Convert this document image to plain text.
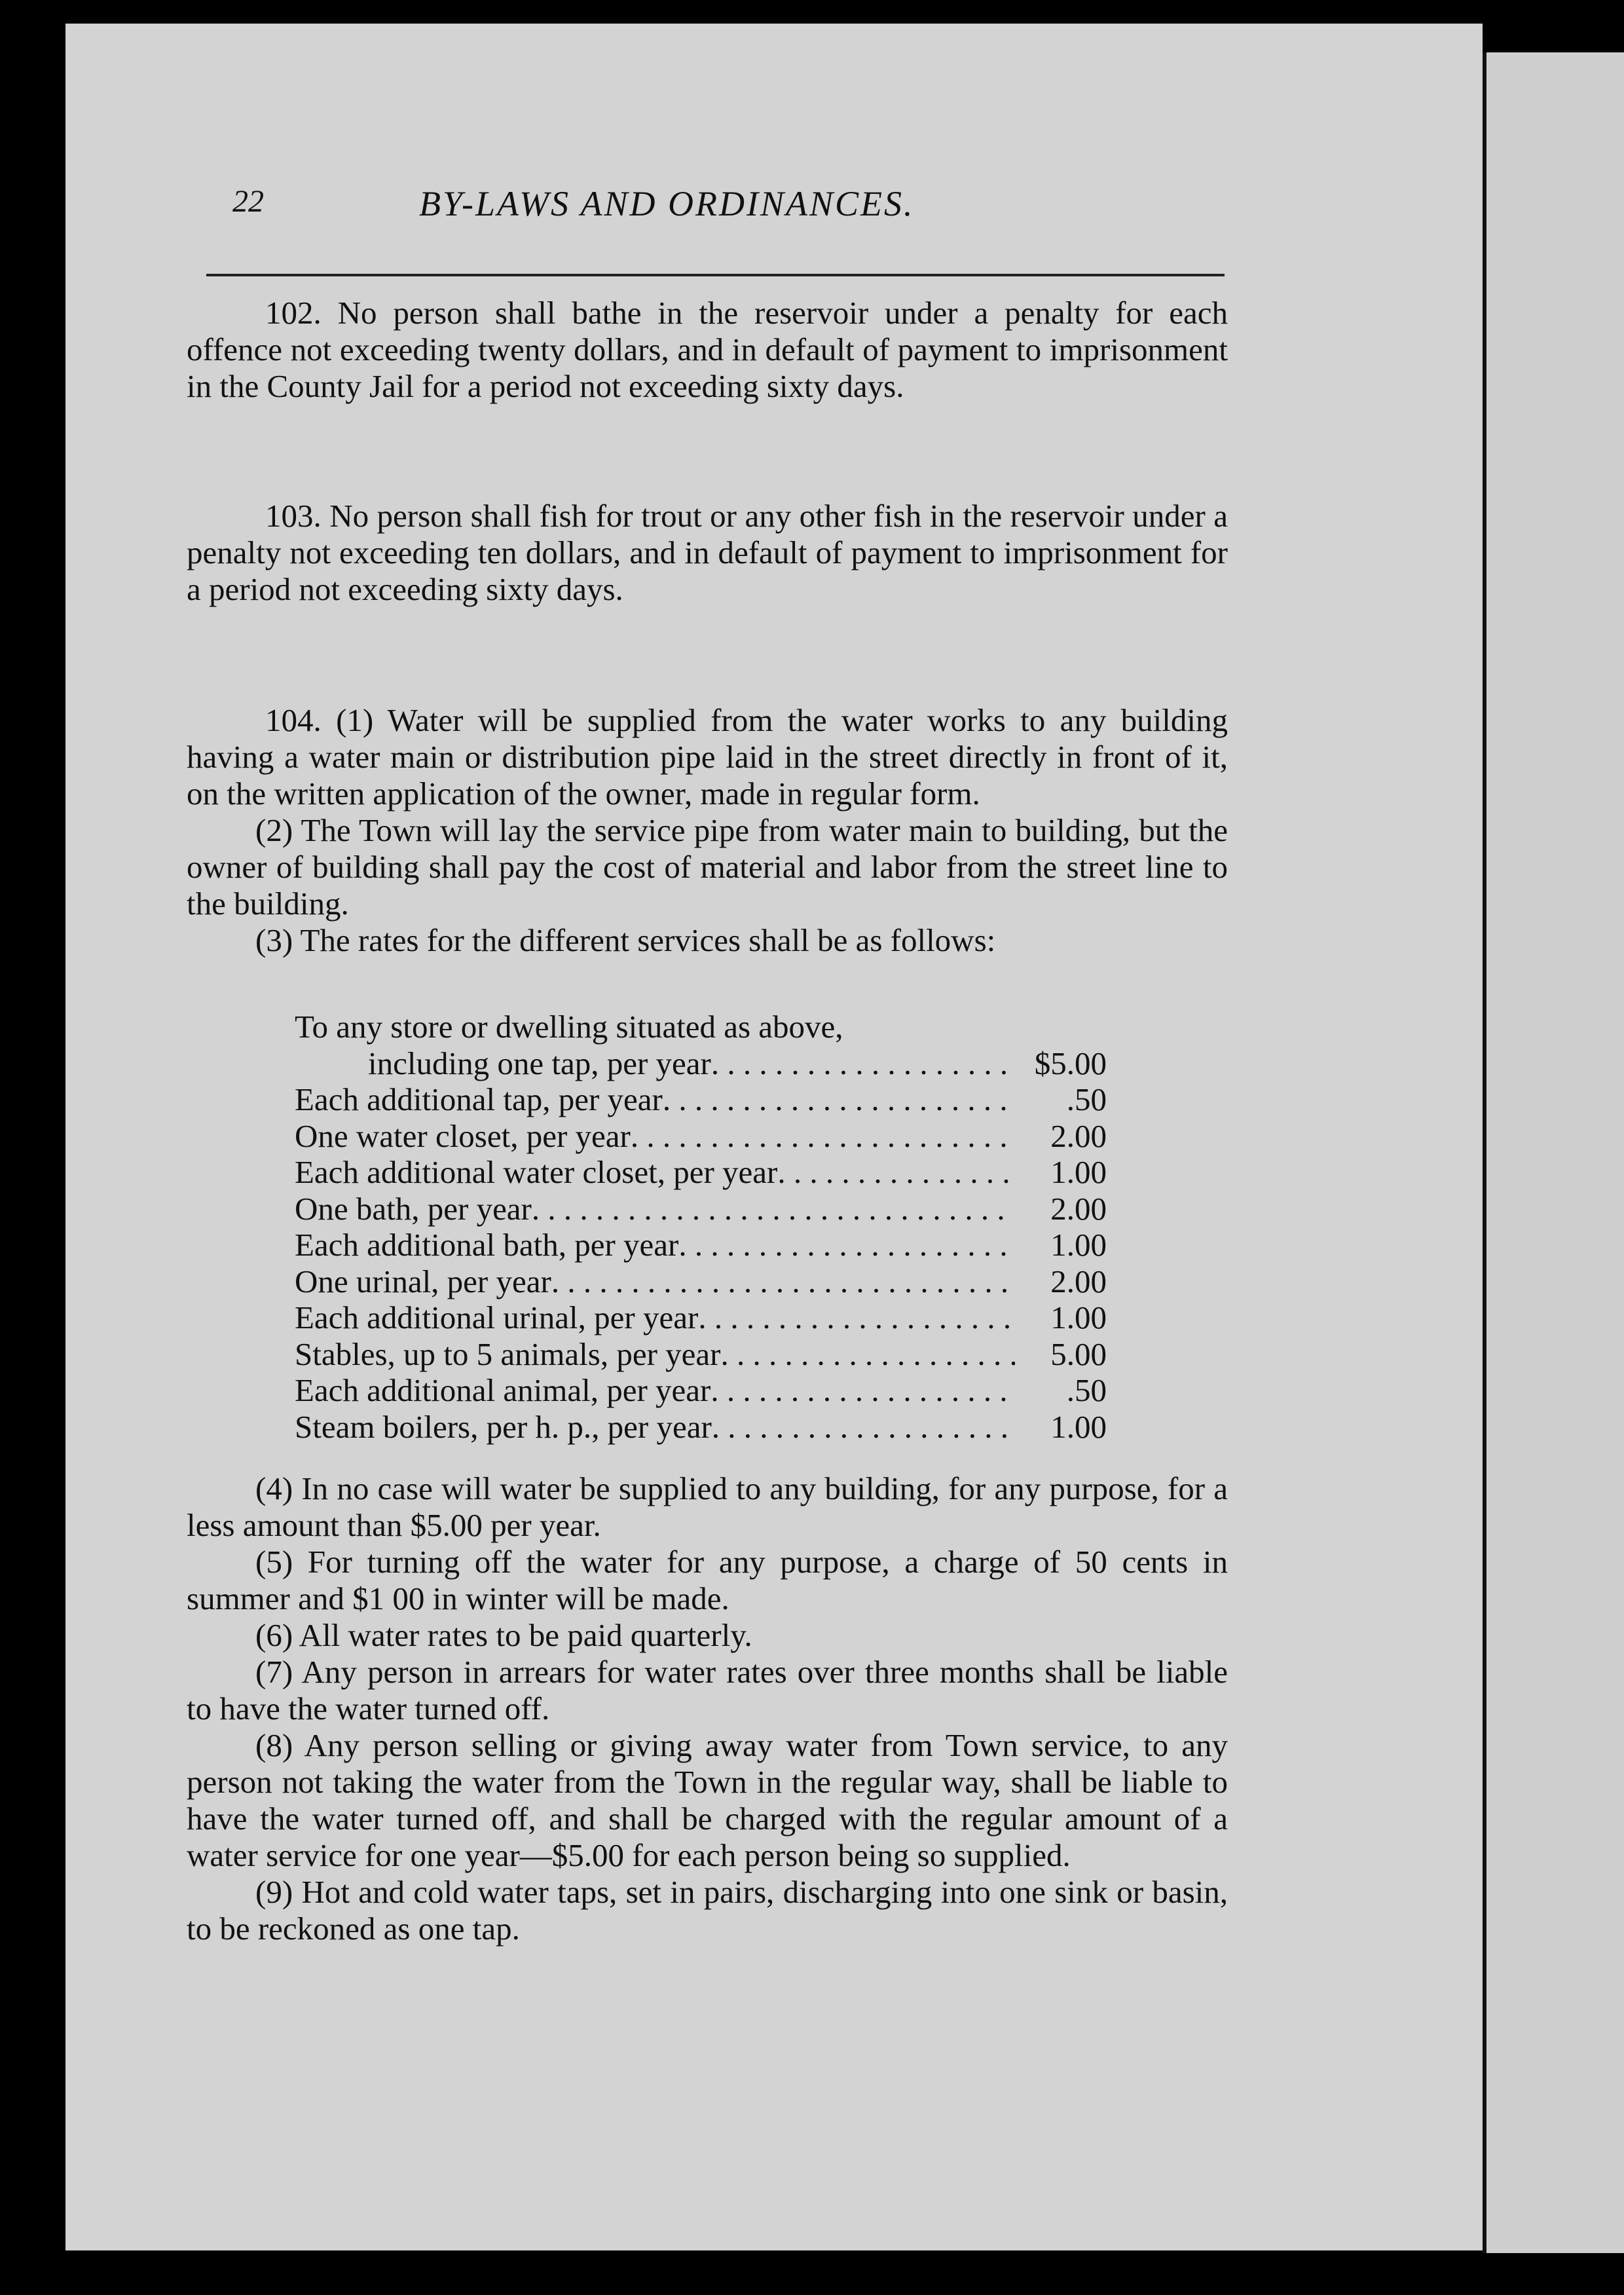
22	BY-LAWS AND ORDINANCES.

102. No person shall bathe in the reservoir under a penalty for each offence not exceeding twenty dollars, and in default of payment to imprisonment in the County Jail for a period not exceeding sixty days.

103. No person shall fish for trout or any other fish in the reservoir under a penalty not exceeding ten dollars, and in default of payment to imprisonment for a period not exceeding sixty days.

104. (1) Water will be supplied from the water works to any building having a water main or distribution pipe laid in the street directly in front of it, on the written application of the owner, made in regular form.

(2) The Town will lay the service pipe from water main to building, but the owner of building shall pay the cost of material and labor from the street line to the building.

(3) The rates for the different services shall be as follows:

To any store or dwelling situated as above,
including one tap, per year . . .	$5.00
Each additional tap, per year . . .	.50
One water closet, per year . . .	2.00
Each additional water closet, per year . . .	1.00
One bath, per year . . .	2.00
Each additional bath, per year . . .	1.00
One urinal, per year . . .	2.00
Each additional urinal, per year . . .	1.00
Stables, up to 5 animals, per year . . .	5.00
Each additional animal, per year . . .	.50
Steam boilers, per h. p., per year . . .	1.00

(4) In no case will water be supplied to any building, for any purpose, for a less amount than $5.00 per year.

(5) For turning off the water for any purpose, a charge of 50 cents in summer and $1 00 in winter will be made.

(6) All water rates to be paid quarterly.

(7) Any person in arrears for water rates over three months shall be liable to have the water turned off.

(8) Any person selling or giving away water from Town service, to any person not taking the water from the Town in the regular way, shall be liable to have the water turned off, and shall be charged with the regular amount of a water service for one year—$5.00 for each person being so supplied.

(9) Hot and cold water taps, set in pairs, discharging into one sink or basin, to be reckoned as one tap.
